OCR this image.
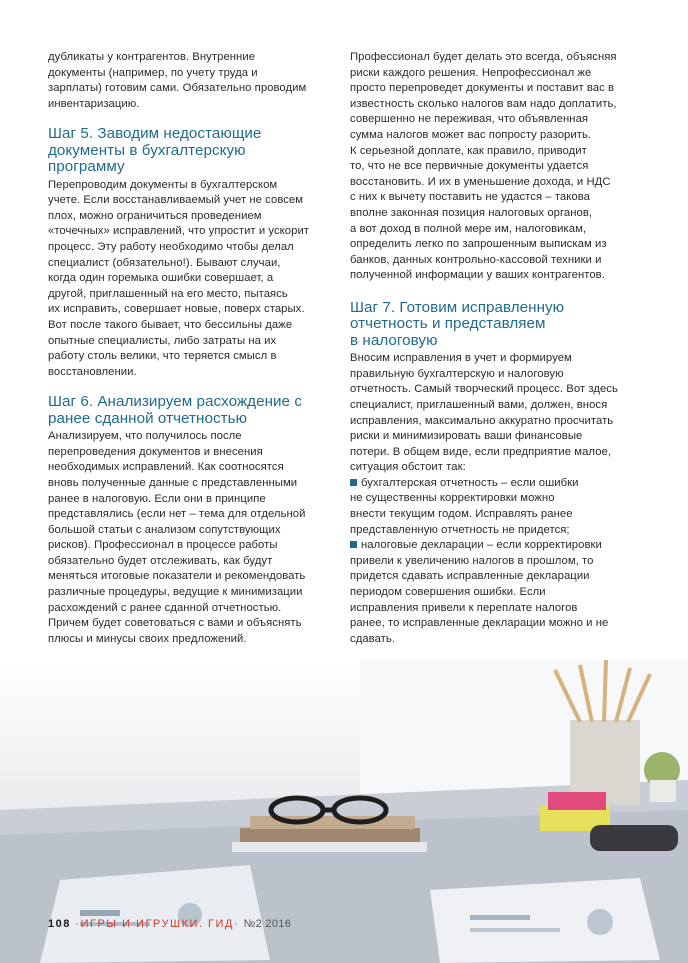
дубликаты у контрагентов. Внутренние
документы (например, по учету труда и
зарплаты) готовим сами. Обязательно проводим
инвентаризацию.
Шаг 5. Заводим недостающие
документы в бухгалтерскую
программу
Перепроводим документы в бухгалтерском
учете. Если восстанавливаемый учет не совсем
плох, можно ограничиться проведением
«точечных» исправлений, что упростит и ускорит
процесс. Эту работу необходимо чтобы делал
специалист (обязательно!). Бывают случаи,
когда один горемыка ошибки совершает, а
другой, приглашенный на его место, пытаясь
их исправить, совершает новые, поверх старых.
Вот после такого бывает, что бессильны даже
опытные специалисты, либо затраты на их
работу столь велики, что теряется смысл в
восстановлении.
Шаг 6. Анализируем расхождение с
ранее сданной отчетностью
Анализируем, что получилось после
перепроведения документов и внесения
необходимых исправлений. Как соотносятся
вновь полученные данные с представленными
ранее в налоговую. Если они в принципе
представлялись (если нет – тема для отдельной
большой статьи с анализом сопутствующих
рисков). Профессионал в процессе работы
обязательно будет отслеживать, как будут
меняться итоговые показатели и рекомендовать
различные процедуры, ведущие к минимизации
расхождений с ранее сданной отчетностью.
Причем будет советоваться с вами и объяснять
плюсы и минусы своих предложений.
Профессионал будет делать это всегда, объясняя
риски каждого решения. Непрофессионал же
просто перепроведет документы и поставит вас в
известность сколько налогов вам надо доплатить,
совершенно не переживая, что объявленная
сумма налогов может вас попросту разорить.
К серьезной доплате, как правило, приводит
то, что не все первичные документы удается
восстановить. И их в уменьшение дохода, и НДС
с них к вычету поставить не удастся – такова
вполне законная позиция налоговых органов,
а вот доход в полной мере им, налоговикам,
определить легко по запрошенным выпискам из
банков, данных контрольно-кассовой техники и
полученной информации у ваших контрагентов.
Шаг 7. Готовим исправленную
отчетность и представляем
в налоговую
Вносим исправления в учет и формируем
правильную бухгалтерскую и налоговую
отчетность. Самый творческий процесс. Вот здесь
специалист, приглашенный вами, должен, внося
исправления, максимально аккуратно просчитать
риски и минимизировать ваши финансовые
потери. В общем виде, если предприятие малое,
ситуация обстоит так:
бухгалтерская отчетность – если ошибки
не существенны корректировки можно
внести текущим годом. Исправлять ранее
представленную отчетность не придется;
налоговые декларации – если корректировки
привели к увеличению налогов в прошлом, то
придется сдавать исправленные декларации
периодом совершения ошибки. Если
исправления привели к переплате налогов
ранее, то исправленные декларации можно и не
сдавать.
108 ·ИГРЫ И ИГРУШКИ. ГИД· №2 2016
